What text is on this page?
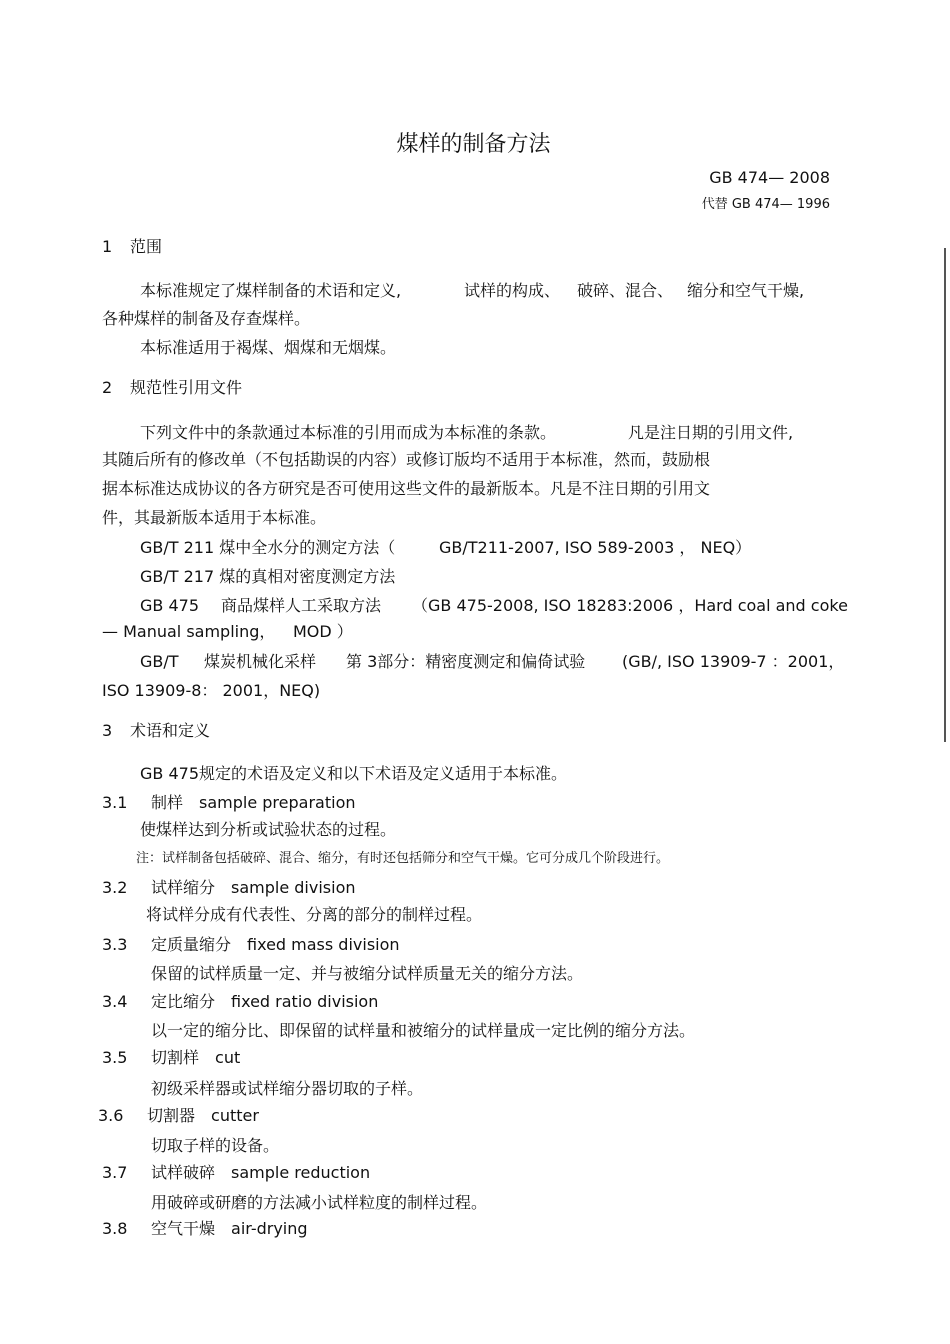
煤样的制备方法
GB 474— 2008
代替 GB 474— 1996
1 范围
本标准规定了煤样制备的术语和定义,	试样的构成、 破碎、混合、 缩分和空气干燥,
各种煤样的制备及存查煤样。
本标准适用于褐煤、烟煤和无烟煤。
2 规范性引用文件
下列文件中的条款通过本标准的引用而成为本标准的条款。	凡是注日期的引用文件,
其随后所有的修改单（不包括勘误的内容）或修订版均不适用于本标准，然而，鼓励根
据本标准达成协议的各方研究是否可使用这些文件的最新版本。凡是不注日期的引用文
件，其最新版本适用于本标准。
GB/T 211 煤中全水分的测定方法（	GB/T211-2007, ISO 589-2003 ， NEQ）
GB/T 217 煤的真相对密度测定方法
GB 475 商品煤样人工采取方法 （GB 475-2008, ISO 18283:2006 ，Hard coal and coke
— Manual sampling， MOD ）
GB/T 煤炭机械化采样 第 3部分：精密度测定和偏倚试验 (GB/, ISO 13909-7 ：2001，
ISO 13909-8： 2001，NEQ)
3 术语和定义
GB 475规定的术语及定义和以下术语及定义适用于本标准。
3.1 制样 sample preparation
使煤样达到分析或试验状态的过程。
注：试样制备包括破碎、混合、缩分，有时还包括筛分和空气干燥。它可分成几个阶段进行。
3.2 试样缩分 sample division
将试样分成有代表性、分离的部分的制样过程。
3.3 定质量缩分 fixed mass division
保留的试样质量一定、并与被缩分试样质量无关的缩分方法。
3.4 定比缩分 fixed ratio division
以一定的缩分比、即保留的试样量和被缩分的试样量成一定比例的缩分方法。
3.5 切割样 cut
初级采样器或试样缩分器切取的子样。
3.6 切割器 cutter
切取子样的设备。
3.7 试样破碎 sample reduction
用破碎或研磨的方法减小试样粒度的制样过程。
3.8 空气干燥 air-drying
